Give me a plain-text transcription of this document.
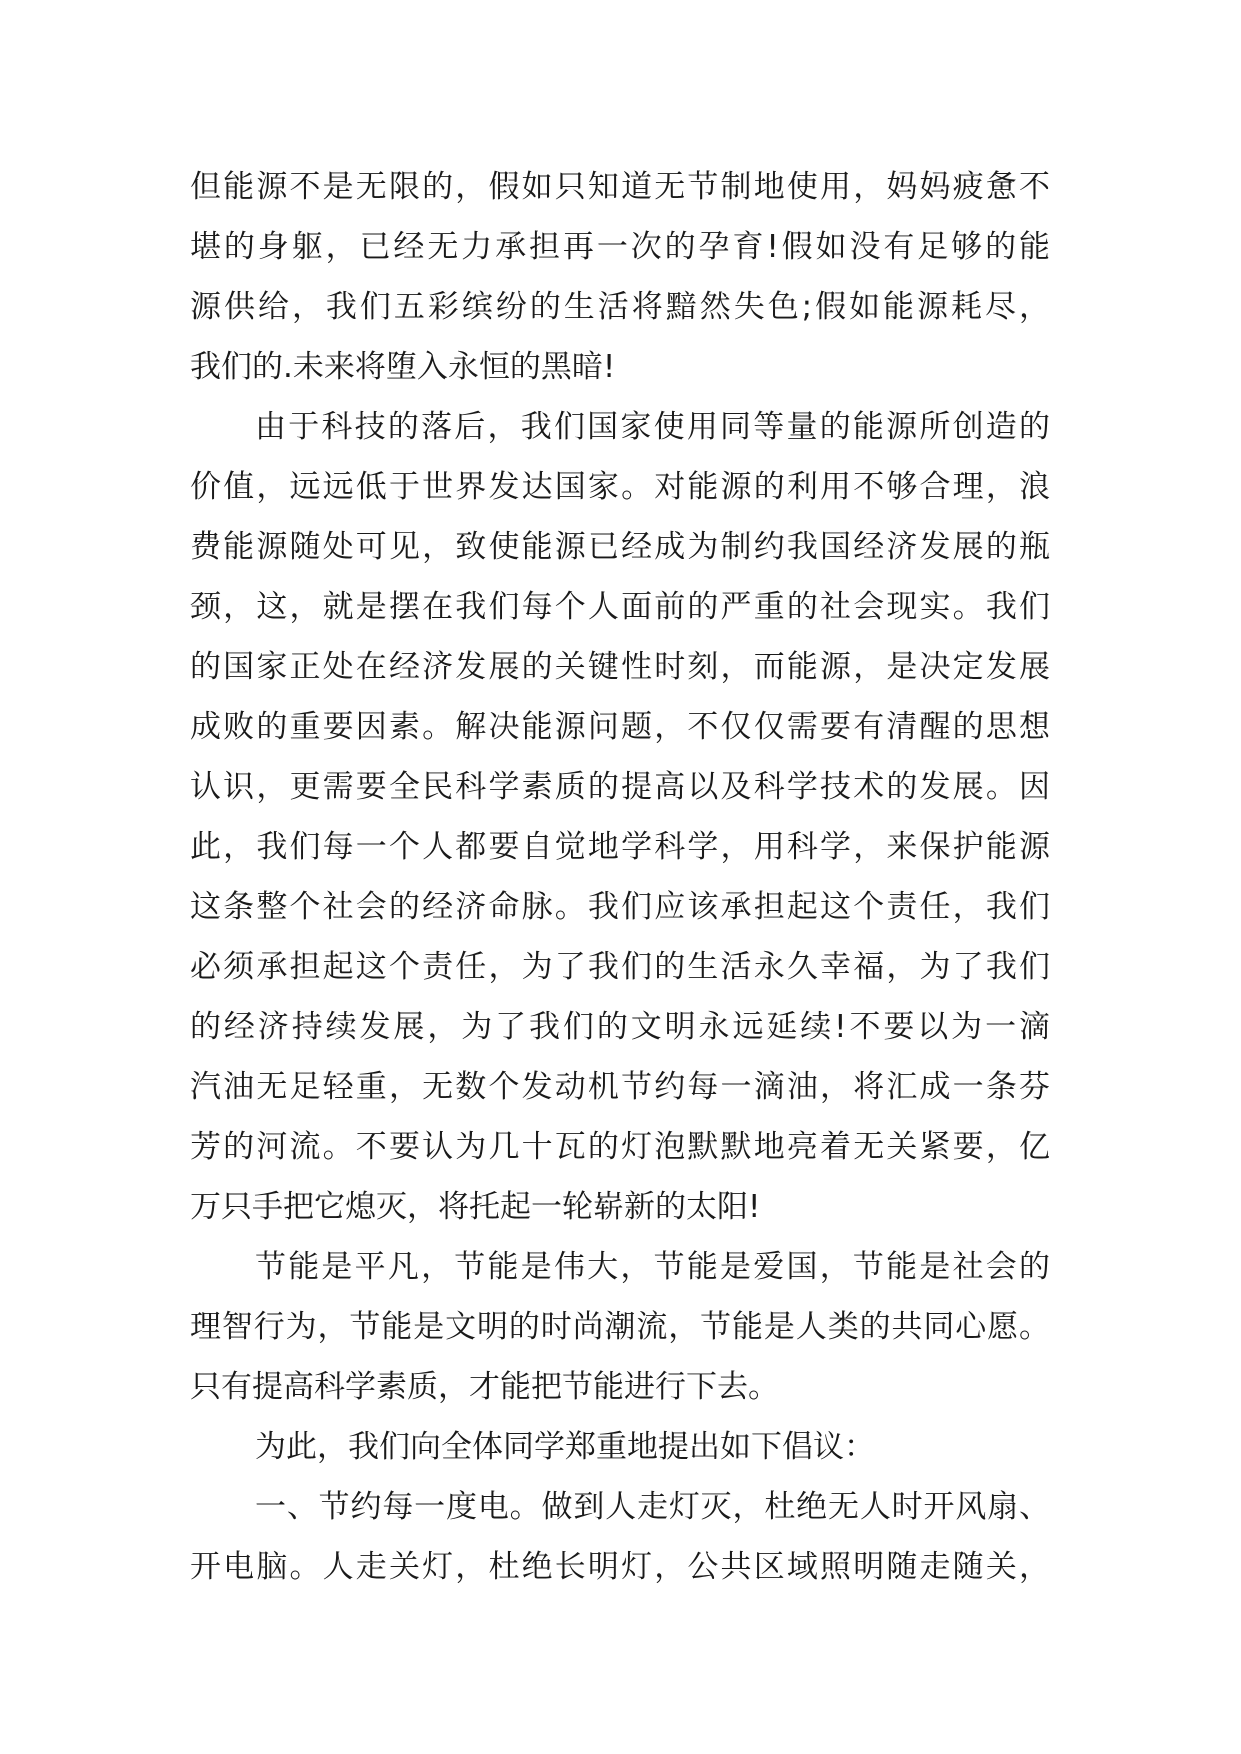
但能源不是无限的，假如只知道无节制地使用，妈妈疲惫不
堪的身躯，已经无力承担再一次的孕育!假如没有足够的能
源供给，我们五彩缤纷的生活将黯然失色;假如能源耗尽，
我们的.未来将堕入永恒的黑暗!
由于科技的落后，我们国家使用同等量的能源所创造的
价值，远远低于世界发达国家。对能源的利用不够合理，浪
费能源随处可见，致使能源已经成为制约我国经济发展的瓶
颈，这，就是摆在我们每个人面前的严重的社会现实。我们
的国家正处在经济发展的关键性时刻，而能源，是决定发展
成败的重要因素。解决能源问题，不仅仅需要有清醒的思想
认识，更需要全民科学素质的提高以及科学技术的发展。因
此，我们每一个人都要自觉地学科学，用科学，来保护能源
这条整个社会的经济命脉。我们应该承担起这个责任，我们
必须承担起这个责任，为了我们的生活永久幸福，为了我们
的经济持续发展，为了我们的文明永远延续!不要以为一滴
汽油无足轻重，无数个发动机节约每一滴油，将汇成一条芬
芳的河流。不要认为几十瓦的灯泡默默地亮着无关紧要，亿
万只手把它熄灭，将托起一轮崭新的太阳!
节能是平凡，节能是伟大，节能是爱国，节能是社会的
理智行为，节能是文明的时尚潮流，节能是人类的共同心愿。
只有提高科学素质，才能把节能进行下去。
为此，我们向全体同学郑重地提出如下倡议：
一、节约每一度电。做到人走灯灭，杜绝无人时开风扇、
开电脑。人走关灯，杜绝长明灯，公共区域照明随走随关，
